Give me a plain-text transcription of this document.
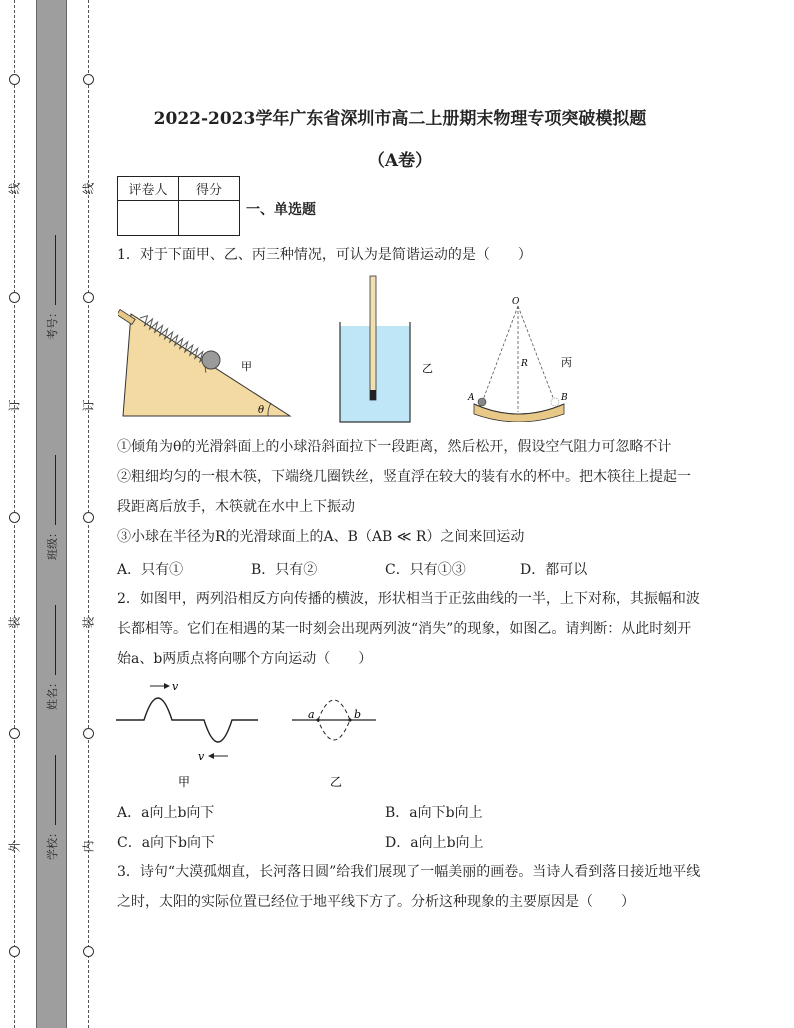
线
订
装
外
线
订
装
内
考号：
班级：
姓名：
学校：
2022-2023学年广东省深圳市高二上册期末物理专项突破模拟题
（A卷）
评卷人	得分

一、单选题
1．对于下面甲、乙、丙三种情况，可认为是简谐运动的是（　　）
θ
甲	乙
O
R
A	B
丙
①倾角为θ的光滑斜面上的小球沿斜面拉下一段距离，然后松开，假设空气阻力可忽略不计
②粗细均匀的一根木筷，下端绕几圈铁丝，竖直浮在较大的装有水的杯中。把木筷往上提起一
段距离后放手，木筷就在水中上下振动
③小球在半径为R的光滑球面上的A、B（AB ≪ R）之间来回运动
A．只有①	B．只有②	C．只有①③	D．都可以
2．如图甲，两列沿相反方向传播的横波，形状相当于正弦曲线的一半，上下对称，其振幅和波
长都相等。它们在相遇的某一时刻会出现两列波“消失”的现象，如图乙。请判断：从此时刻开
始a、b两质点将向哪个方向运动（　　）
v
v
甲
a	b
乙
A．a向上b向下	B．a向下b向上
C．a向下b向下	D．a向上b向上
3．诗句“大漠孤烟直，长河落日圆”给我们展现了一幅美丽的画卷。当诗人看到落日接近地平线
之时，太阳的实际位置已经位于地平线下方了。分析这种现象的主要原因是（　　）
